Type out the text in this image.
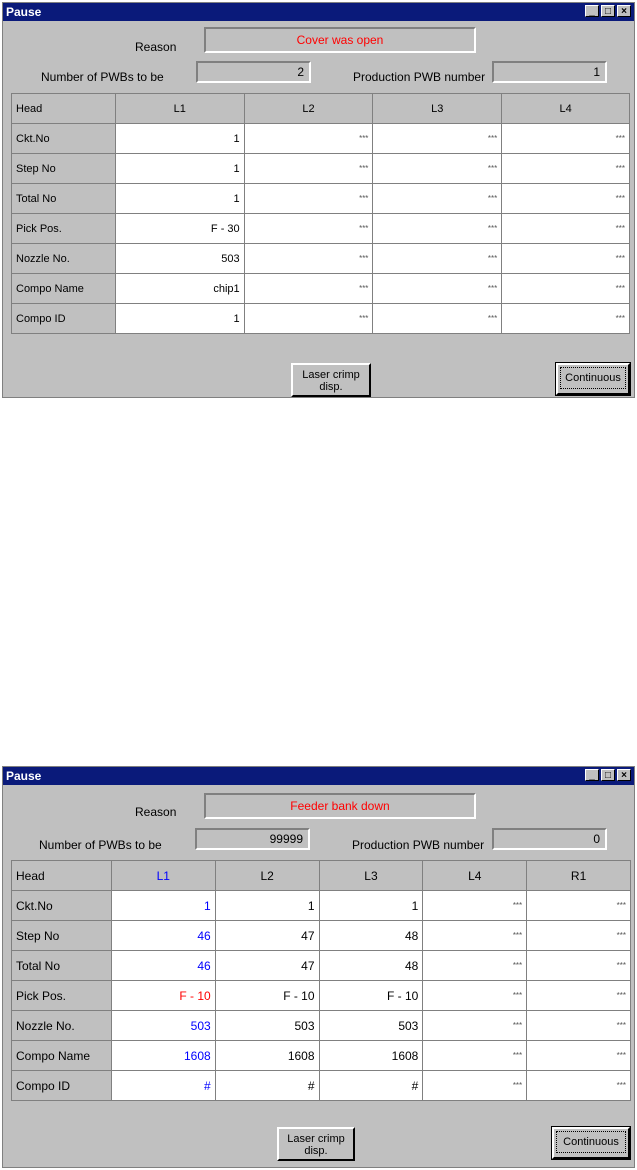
Pause	_	□	×
Reason	Cover was open
Number of PWBs to be	2	Production PWB number	1
Head	L1	L2	L3	L4
Ckt.No	1	***	***	***
Step No	1	***	***	***
Total No	1	***	***	***
Pick Pos.	F - 30	***	***	***
Nozzle No.	503	***	***	***
Compo Name	chip1	***	***	***
Compo ID	1	***	***	***
Laser crimp disp.
Continuous
Pause	_	□	×
Reason	Feeder bank down
Number of PWBs to be	99999	Production PWB number	0
Head	L1	L2	L3	L4	R1
Ckt.No	1	1	1	***	***
Step No	46	47	48	***	***
Total No	46	47	48	***	***
Pick Pos.	F - 10	F - 10	F - 10	***	***
Nozzle No.	503	503	503	***	***
Compo Name	1608	1608	1608	***	***
Compo ID	#	#	#	***	***
Laser crimp disp.
Continuous
